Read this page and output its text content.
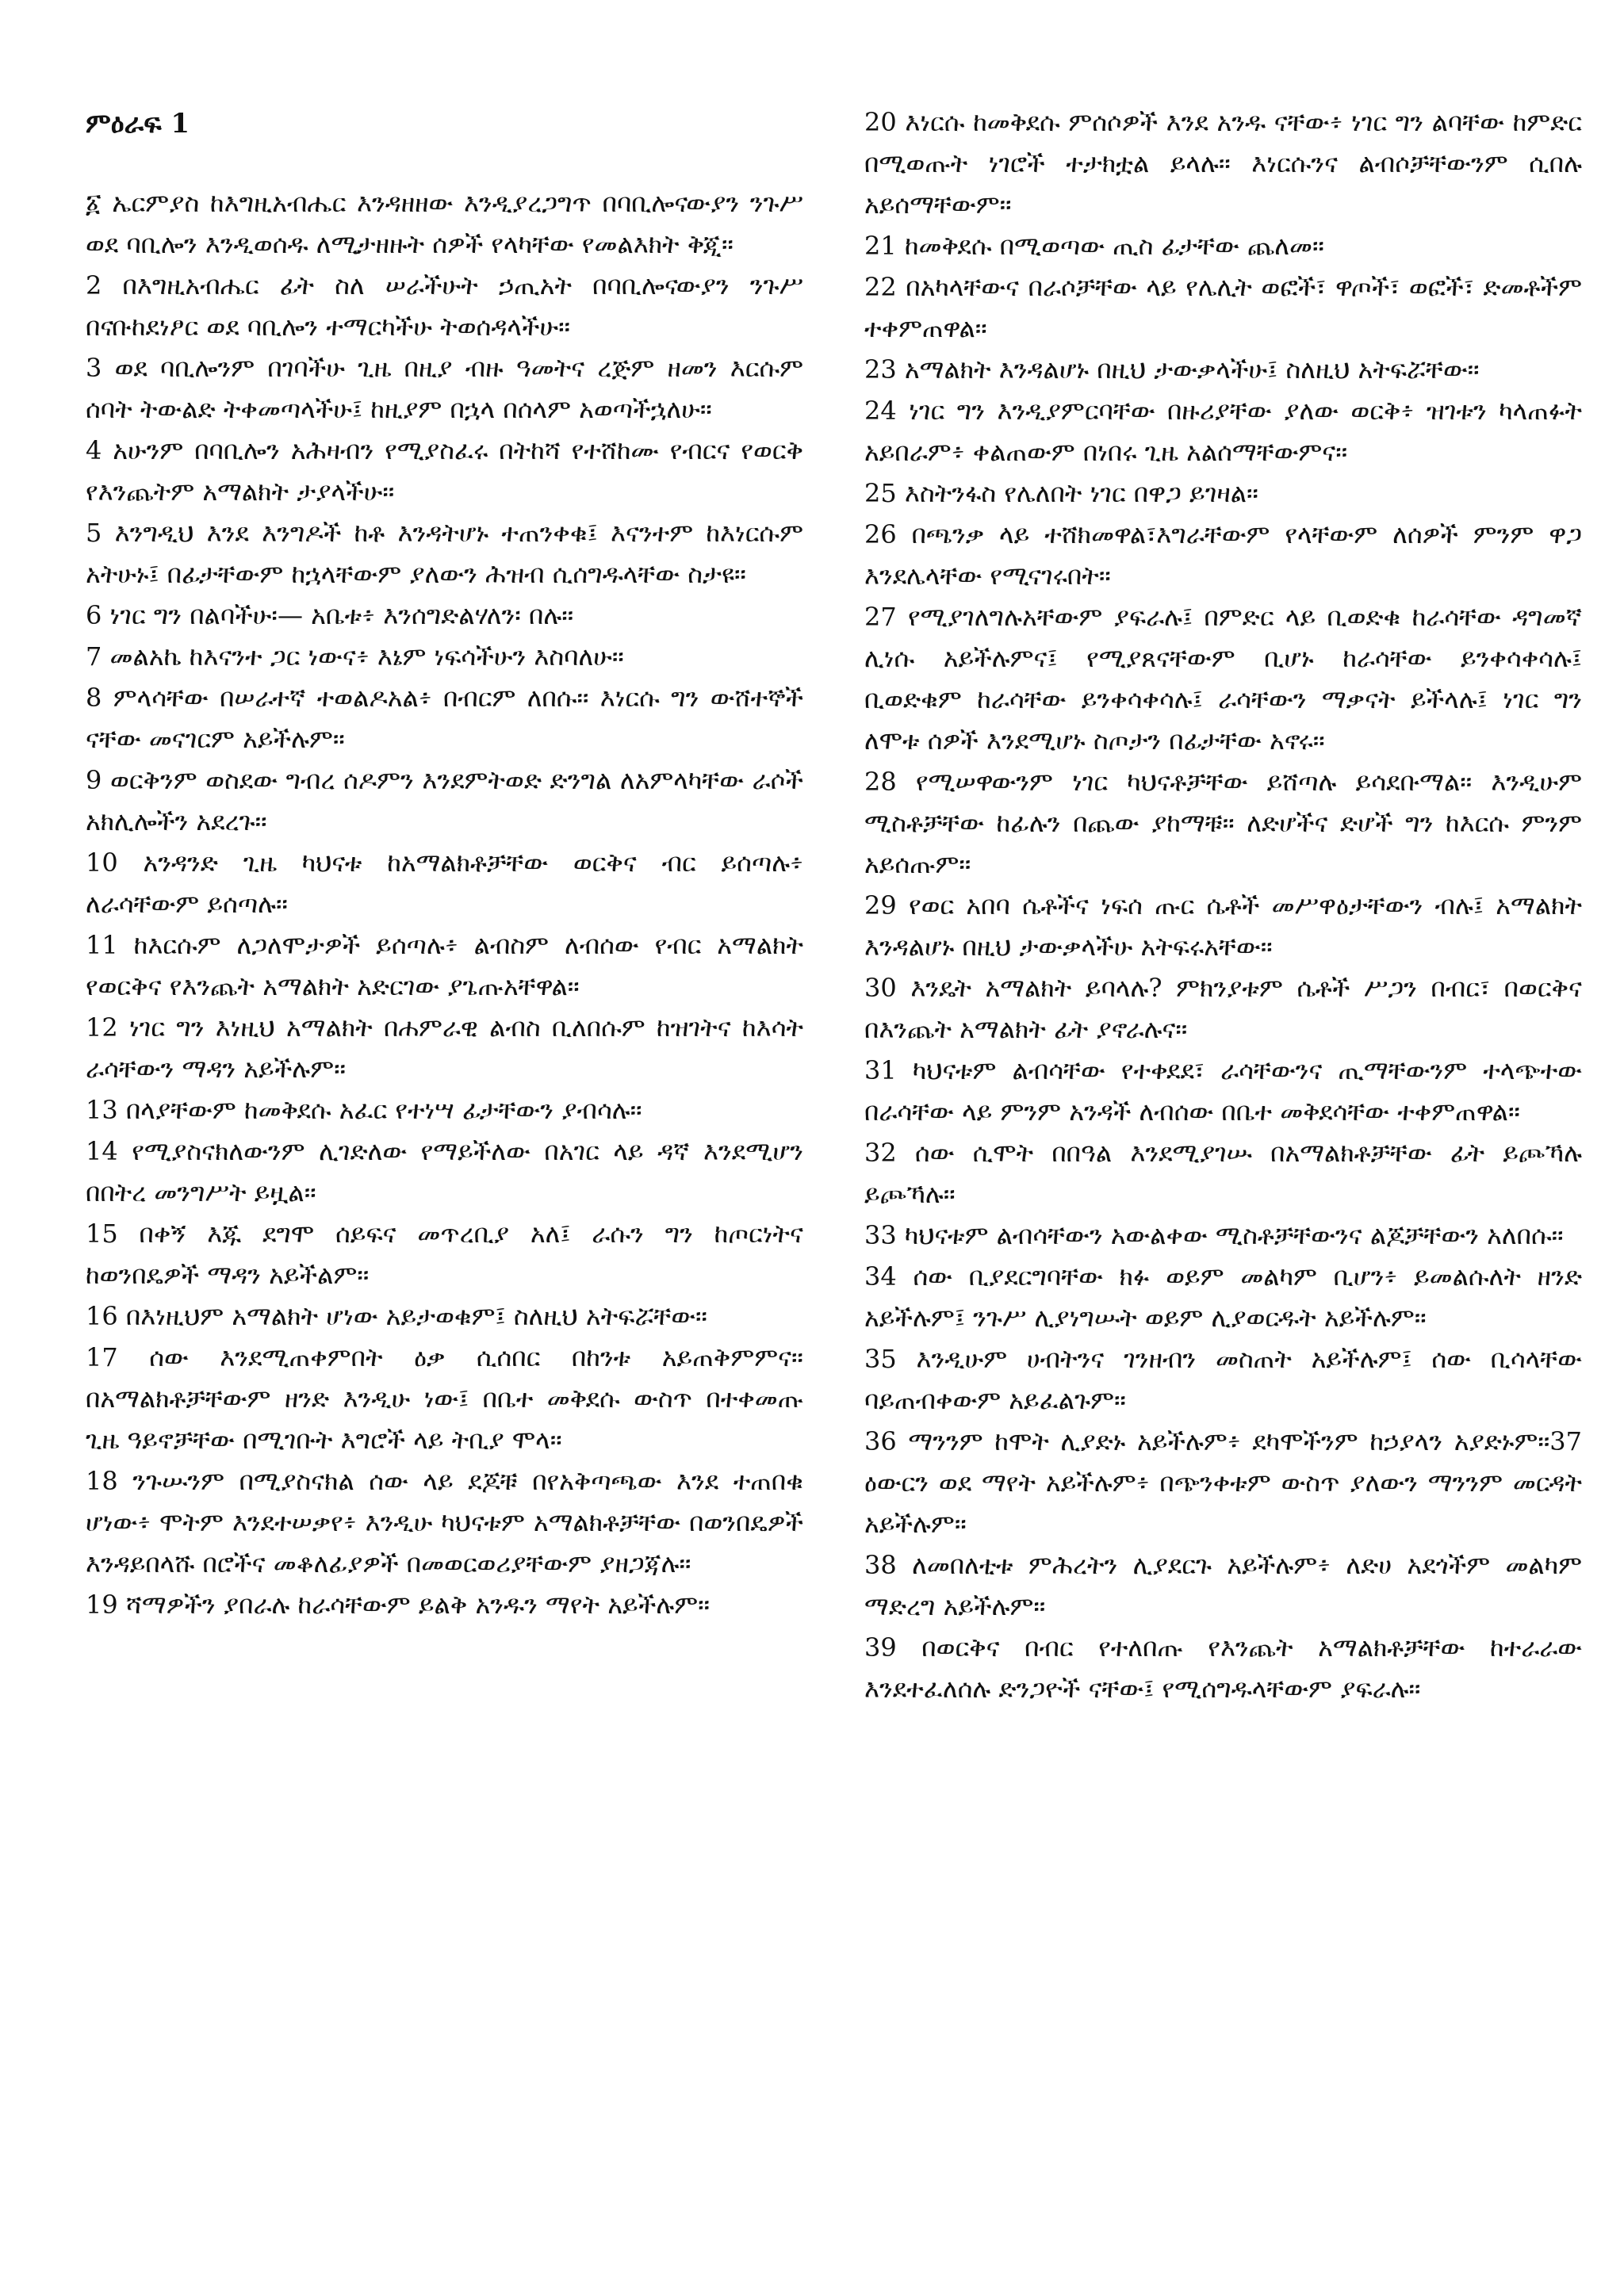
ምዕራፍ 1

፩ ኤርምያስ ከእግዚአብሔር እንዳዘዘው እንዲያረጋግጥ በባቢሎናውያን ንጉሥ ወደ ባቢሎን እንዲወሰዱ ለሚታዘዙት ሰዎች የላካቸው የመልእክት ቅጂ።

2 በእግዚአብሔር ፊት ስለ ሠራችሁት ኃጢአት በባቢሎናውያን ንጉሥ በናቡከደነፆር ወደ ባቢሎን ተማርካችሁ ትወሰዳላችሁ።

3 ወደ ባቢሎንም በገባችሁ ጊዜ በዚያ ብዙ ዓመትና ረጅም ዘመን እርሱም ሰባት ትውልድ ትቀመጣላችሁ፤ ከዚያም በኋላ በሰላም አወጣችኋለሁ።

4 አሁንም በባቢሎን አሕዛብን የሚያስፈሩ በትከሻ የተሸከሙ የብርና የወርቅ የእንጨትም አማልክት ታያላችሁ።

5 እንግዲህ እንደ እንግዶች ከቶ እንዳትሆኑ ተጠንቀቁ፤ እናንተም ከእነርሱም አትሁኑ፤ በፊታቸውም ከኋላቸውም ያለውን ሕዝብ ሲሰግዱላቸው ስታዩ።

6 ነገር ግን በልባችሁ፡— አቤቱ፥ እንሰግድልሃለን፡ በሉ።

7 መልአኬ ከእናንተ ጋር ነውና፥ እኔም ነፍሳችሁን እስባለሁ።

8 ምላሳቸው በሠራተኛ ተወልዶአል፥ በብርም ለበሱ። እነርሱ ግን ውሸተኞች ናቸው መናገርም አይችሉም።

9 ወርቅንም ወስደው ግብረ ሰዶምን እንደምትወድ ድንግል ለአምላካቸው ራሶች አክሊሎችን አደረጉ።

10 አንዳንድ ጊዜ ካህናቱ ከአማልክቶቻቸው ወርቅና ብር ይሰጣሉ፥ ለራሳቸውም ይሰጣሉ።

11 ከእርሱም ለጋለሞታዎች ይሰጣሉ፥ ልብስም ለብሰው የብር አማልክት የወርቅና የእንጨት አማልክት አድርገው ያጌጡአቸዋል።

12 ነገር ግን እነዚህ አማልክት በሐምራዊ ልብስ ቢለበሱም ከዝገትና ከእሳት ራሳቸውን ማዳን አይችሉም።

13 በላያቸውም ከመቅደሱ አፈር የተነሣ ፊታቸውን ያብሳሉ።

14 የሚያስናክለውንም ሊገድለው የማይችለው በአገር ላይ ዳኛ እንደሚሆን በበትረ መንግሥት ይዟል።

15 በቀኝ እጁ ደግሞ ሰይፍና መጥረቢያ አለ፤ ራሱን ግን ከጦርነትና ከወንበዴዎች ማዳን አይችልም።

16 በእነዚህም አማልክት ሆነው አይታወቁም፤ ስለዚህ አትፍሯቸው።

17 ሰው እንደሚጠቀምበት ዕቃ ሲሰበር በከንቱ አይጠቅምምና። በአማልክቶቻቸውም ዘንድ እንዲሁ ነው፤ በቤተ መቅደሱ ውስጥ በተቀመጡ ጊዜ ዓይኖቻቸው በሚገቡት እግሮች ላይ ትቢያ ሞላ።

18 ንጉሡንም በሚያስናክል ሰው ላይ ደጆቹ በየአቅጣጫው እንደ ተጠበቁ ሆነው፥ ሞትም እንደተሠቃየ፥ እንዲሁ ካህናቱም አማልክቶቻቸው በወንበዴዎች እንዳይበላሹ በሮችና መቆለፊያዎች በመወርወሪያቸውም ያዘጋጃሉ።

19 ሻማዎችን ያበራሉ ከራሳቸውም ይልቅ አንዱን ማየት አይችሉም።

20 እነርሱ ከመቅደሱ ምሰሶዎች እንደ አንዱ ናቸው፥ ነገር ግን ልባቸው ከምድር በሚወጡት ነገሮች ተታክቷል ይላሉ። እነርሱንና ልብሶቻቸውንም ሲበሉ አይሰማቸውም።

21 ከመቅደሱ በሚወጣው ጢስ ፊታቸው ጨለመ።

22 በአካላቸውና በራሶቻቸው ላይ የሌሊት ወፎች፣ ዋጦች፣ ወፎች፣ ድመቶችም ተቀምጠዋል።

23 አማልክት እንዳልሆኑ በዚህ ታውቃላችሁ፤ ስለዚህ አትፍሯቸው።

24 ነገር ግን እንዲያምርባቸው በዙሪያቸው ያለው ወርቅ፥ ዝገቱን ካላጠፉት አይበራም፥ ቀልጠውም በነበሩ ጊዜ አልሰማቸውምና።

25 እስትንፋስ የሌለበት ነገር በዋጋ ይገዛል።

26 በጫንቃ ላይ ተሸክመዋል፣እግራቸውም የላቸውም ለሰዎች ምንም ዋጋ እንደሌላቸው የሚናገሩበት።

27 የሚያገለግሉአቸውም ያፍራሉ፤ በምድር ላይ ቢወድቁ ከራሳቸው ዳግመኛ ሊነሱ አይችሉምና፤ የሚያጸናቸውም ቢሆኑ ከራሳቸው ይንቀሳቀሳሉ፤ ቢወድቁም ከራሳቸው ይንቀሳቀሳሉ፤ ራሳቸውን ማቃናት ይችላሉ፤ ነገር ግን ለሞቱ ሰዎች እንደሚሆኑ ስጦታን በፊታቸው አኖሩ።

28 የሚሠዋውንም ነገር ካህናቶቻቸው ይሸጣሉ ይሳደቡማል። እንዲሁም ሚስቶቻቸው ከፊሉን በጨው ያከማቹ። ለድሆችና ድሆች ግን ከእርሱ ምንም አይሰጡም።

29 የወር አበባ ሴቶችና ነፍሰ ጡር ሴቶች መሥዋዕታቸውን ብሉ፤ አማልክት እንዳልሆኑ በዚህ ታውቃላችሁ አትፍሩአቸው።

30 እንዴት አማልክት ይባላሉ? ምክንያቱም ሴቶች ሥጋን በብር፣ በወርቅና በእንጨት አማልክት ፊት ያኖራሉና።

31 ካህናቱም ልብሳቸው የተቀደደ፣ ራሳቸውንና ጢማቸውንም ተላጭተው በራሳቸው ላይ ምንም አንዳች ለብሰው በቤተ መቅደሳቸው ተቀምጠዋል።

32 ሰው ሲሞት በበዓል እንደሚያገሡ በአማልክቶቻቸው ፊት ይጮኻሉ ይጮኻሉ።

33 ካህናቱም ልብሳቸውን አውልቀው ሚስቶቻቸውንና ልጆቻቸውን አለበሱ።

34 ሰው ቢያደርግባቸው ክፉ ወይም መልካም ቢሆን፥ ይመልሱለት ዘንድ አይችሉም፤ ንጉሥ ሊያነግሡት ወይም ሊያወርዱት አይችሉም።

35 እንዲሁም ሀብትንና ገንዘብን መስጠት አይችሉም፤ ሰው ቢሳላቸው ባይጠብቀውም አይፈልጉም።

36 ማንንም ከሞት ሊያድኑ አይችሉም፥ ደካሞችንም ከኃያላን አያድኑም።37 ዕውርን ወደ ማየት አይችሉም፥ በጭንቀቱም ውስጥ ያለውን ማንንም መርዳት አይችሉም።

38 ለመበለቲቱ ምሕረትን ሊያደርጉ አይችሉም፥ ለድሀ አደጎችም መልካም ማድረግ አይችሉም።

39 በወርቅና በብር የተለበጡ የእንጨት አማልክቶቻቸው ከተራራው እንደተፈለሰሉ ድንጋዮች ናቸው፤ የሚሰግዱላቸውም ያፍራሉ።
